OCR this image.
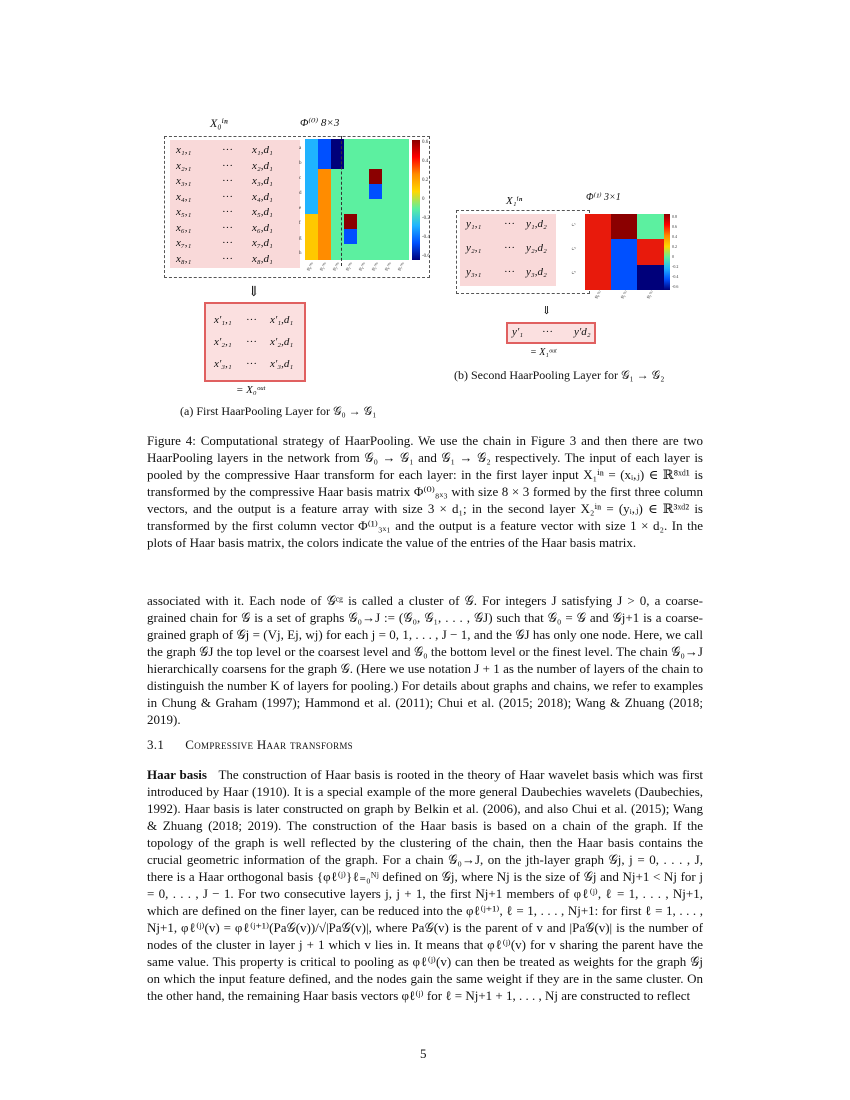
X₀ⁱⁿ	Φ⁽⁰⁾ 8×3
x₁,₁	··· x₁,d₁
x₂,₁	··· x₂,d₁
x₃,₁	··· x₃,d₁
x₄,₁	··· x₄,d₁
x₅,₁	··· x₅,d₁
x₆,₁	··· x₆,d₁
x₇,₁	··· x₇,d₁
x₈,₁	··· x₈,d₁
a
b
c
d
e
f
g
h
0.6
0.4
0.2
0
-0.2
-0.4
-0.6
φ₀⁽⁰⁾ φ₁⁽⁰⁾ φ₂⁽⁰⁾ φ₃⁽⁰⁾ φ₄⁽⁰⁾ φ₅⁽⁰⁾ φ₆⁽⁰⁾ φ₇⁽⁰⁾
⇓
x′₁,₁ ··· x′₁,d₁
x′₂,₁ ··· x′₂,d₁
x′₃,₁ ··· x′₃,d₁
= X₀ᵒᵘᵗ
(a) First HaarPooling Layer for 𝒢₀ → 𝒢₁
X₁ⁱⁿ	Φ⁽¹⁾ 3×1
y₁,₁ ··· y₁,d₂
y₂,₁ ··· y₂,d₂
y₃,₁ ··· y₃,d₂
c₁
c₂
c₃
0.8
0.6
0.4
0.2
0
-0.2
-0.4
-0.6
φ₀⁽¹⁾	φ₁⁽¹⁾	φ₂⁽¹⁾
⇓
y′₁ ··· y′d₂
= X₁ᵒᵘᵗ
(b) Second HaarPooling Layer for 𝒢₁ → 𝒢₂

Figure 4: Computational strategy of HaarPooling. We use the chain in Figure 3 and then there are two HaarPooling layers in the network from 𝒢₀ → 𝒢₁ and 𝒢₁ → 𝒢₂ respectively. The input of each layer is pooled by the compressive Haar transform for each layer: in the first layer input X₁ⁱⁿ = (xᵢ,ⱼ) ∈ ℝ⁸ˣᵈ¹ is transformed by the compressive Haar basis matrix Φ⁽⁰⁾₈ₓ₃ with size 8 × 3 formed by the first three column vectors, and the output is a feature array with size 3 × d₁; in the second layer X₂ⁱⁿ = (yᵢ,ⱼ) ∈ ℝ³ˣᵈ² is transformed by the first column vector Φ⁽¹⁾₃ₓ₁ and the output is a feature vector with size 1 × d₂. In the plots of Haar basis matrix, the colors indicate the value of the entries of the Haar basis matrix.

associated with it. Each node of 𝒢ᶜᵍ is called a cluster of 𝒢. For integers J satisfying J > 0, a coarse-grained chain for 𝒢 is a set of graphs 𝒢₀→J := (𝒢₀, 𝒢₁, . . . , 𝒢J) such that 𝒢₀ = 𝒢 and 𝒢j+1 is a coarse-grained graph of 𝒢j = (Vj, Ej, wj) for each j = 0, 1, . . . , J − 1, and the 𝒢J has only one node. Here, we call the graph 𝒢J the top level or the coarsest level and 𝒢₀ the bottom level or the finest level. The chain 𝒢₀→J hierarchically coarsens for the graph 𝒢. (Here we use notation J + 1 as the number of layers of the chain to distinguish the number K of layers for pooling.) For details about graphs and chains, we refer to examples in Chung & Graham (1997); Hammond et al. (2011); Chui et al. (2015; 2018); Wang & Zhuang (2018; 2019).

3.1 Compressive Haar transforms

Haar basis The construction of Haar basis is rooted in the theory of Haar wavelet basis which was first introduced by Haar (1910). It is a special example of the more general Daubechies wavelets (Daubechies, 1992). Haar basis is later constructed on graph by Belkin et al. (2006), and also Chui et al. (2015); Wang & Zhuang (2018; 2019). The construction of the Haar basis is based on a chain of the graph. If the topology of the graph is well reflected by the clustering of the chain, then the Haar basis contains the crucial geometric information of the graph. For a chain 𝒢₀→J, on the jth-layer graph 𝒢j, j = 0, . . . , J, there is a Haar orthogonal basis {φℓ⁽ʲ⁾}ℓ₌₀ᴺʲ defined on 𝒢j, where Nj is the size of 𝒢j and Nj+1 < Nj for j = 0, . . . , J − 1. For two consecutive layers j, j + 1, the first Nj+1 members of φℓ⁽ʲ⁾, ℓ = 1, . . . , Nj+1, which are defined on the finer layer, can be reduced into the φℓ⁽ʲ⁺¹⁾, ℓ = 1, . . . , Nj+1: for first ℓ = 1, . . . , Nj+1, φℓ⁽ʲ⁾(v) = φℓ⁽ʲ⁺¹⁾(Pa𝒢(v))/√|Pa𝒢(v)|, where Pa𝒢(v) is the parent of v and |Pa𝒢(v)| is the number of nodes of the cluster in layer j + 1 which v lies in. It means that φℓ⁽ʲ⁾(v) for v sharing the parent have the same value. This property is critical to pooling as φℓ⁽ʲ⁾(v) can then be treated as weights for the graph 𝒢j on which the input feature defined, and the nodes gain the same weight if they are in the same cluster. On the other hand, the remaining Haar basis vectors φℓ⁽ʲ⁾ for ℓ = Nj+1 + 1, . . . , Nj are constructed to reflect

5
